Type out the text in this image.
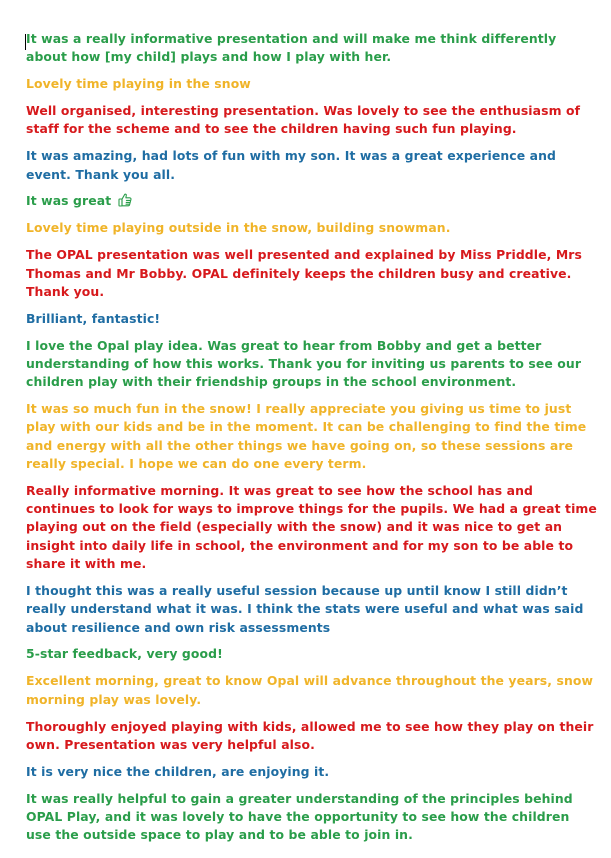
It was a really informative presentation and will make me think differently about how [my child] plays and how I play with her.

Lovely time playing in the snow

Well organised, interesting presentation. Was lovely to see the enthusiasm of staff for the scheme and to see the children having such fun playing.

It was amazing, had lots of fun with my son. It was a great experience and event. Thank you all.

It was great

Lovely time playing outside in the snow, building snowman.

The OPAL presentation was well presented and explained by Miss Priddle, Mrs Thomas and Mr Bobby. OPAL definitely keeps the children busy and creative. Thank you.

Brilliant, fantastic!

I love the Opal play idea. Was great to hear from Bobby and get a better understanding of how this works. Thank you for inviting us parents to see our children play with their friendship groups in the school environment.

It was so much fun in the snow! I really appreciate you giving us time to just play with our kids and be in the moment. It can be challenging to find the time and energy with all the other things we have going on, so these sessions are really special. I hope we can do one every term.

Really informative morning. It was great to see how the school has and continues to look for ways to improve things for the pupils. We had a great time playing out on the field (especially with the snow) and it was nice to get an insight into daily life in school, the environment and for my son to be able to share it with me.

I thought this was a really useful session because up until know I still didn’t really understand what it was. I think the stats were useful and what was said about resilience and own risk assessments

5-star feedback, very good!

Excellent morning, great to know Opal will advance throughout the years, snow morning play was lovely.

Thoroughly enjoyed playing with kids, allowed me to see how they play on their own. Presentation was very helpful also.

It is very nice the children, are enjoying it.

It was really helpful to gain a greater understanding of the principles behind OPAL Play, and it was lovely to have the opportunity to see how the children use the outside space to play and to be able to join in.
